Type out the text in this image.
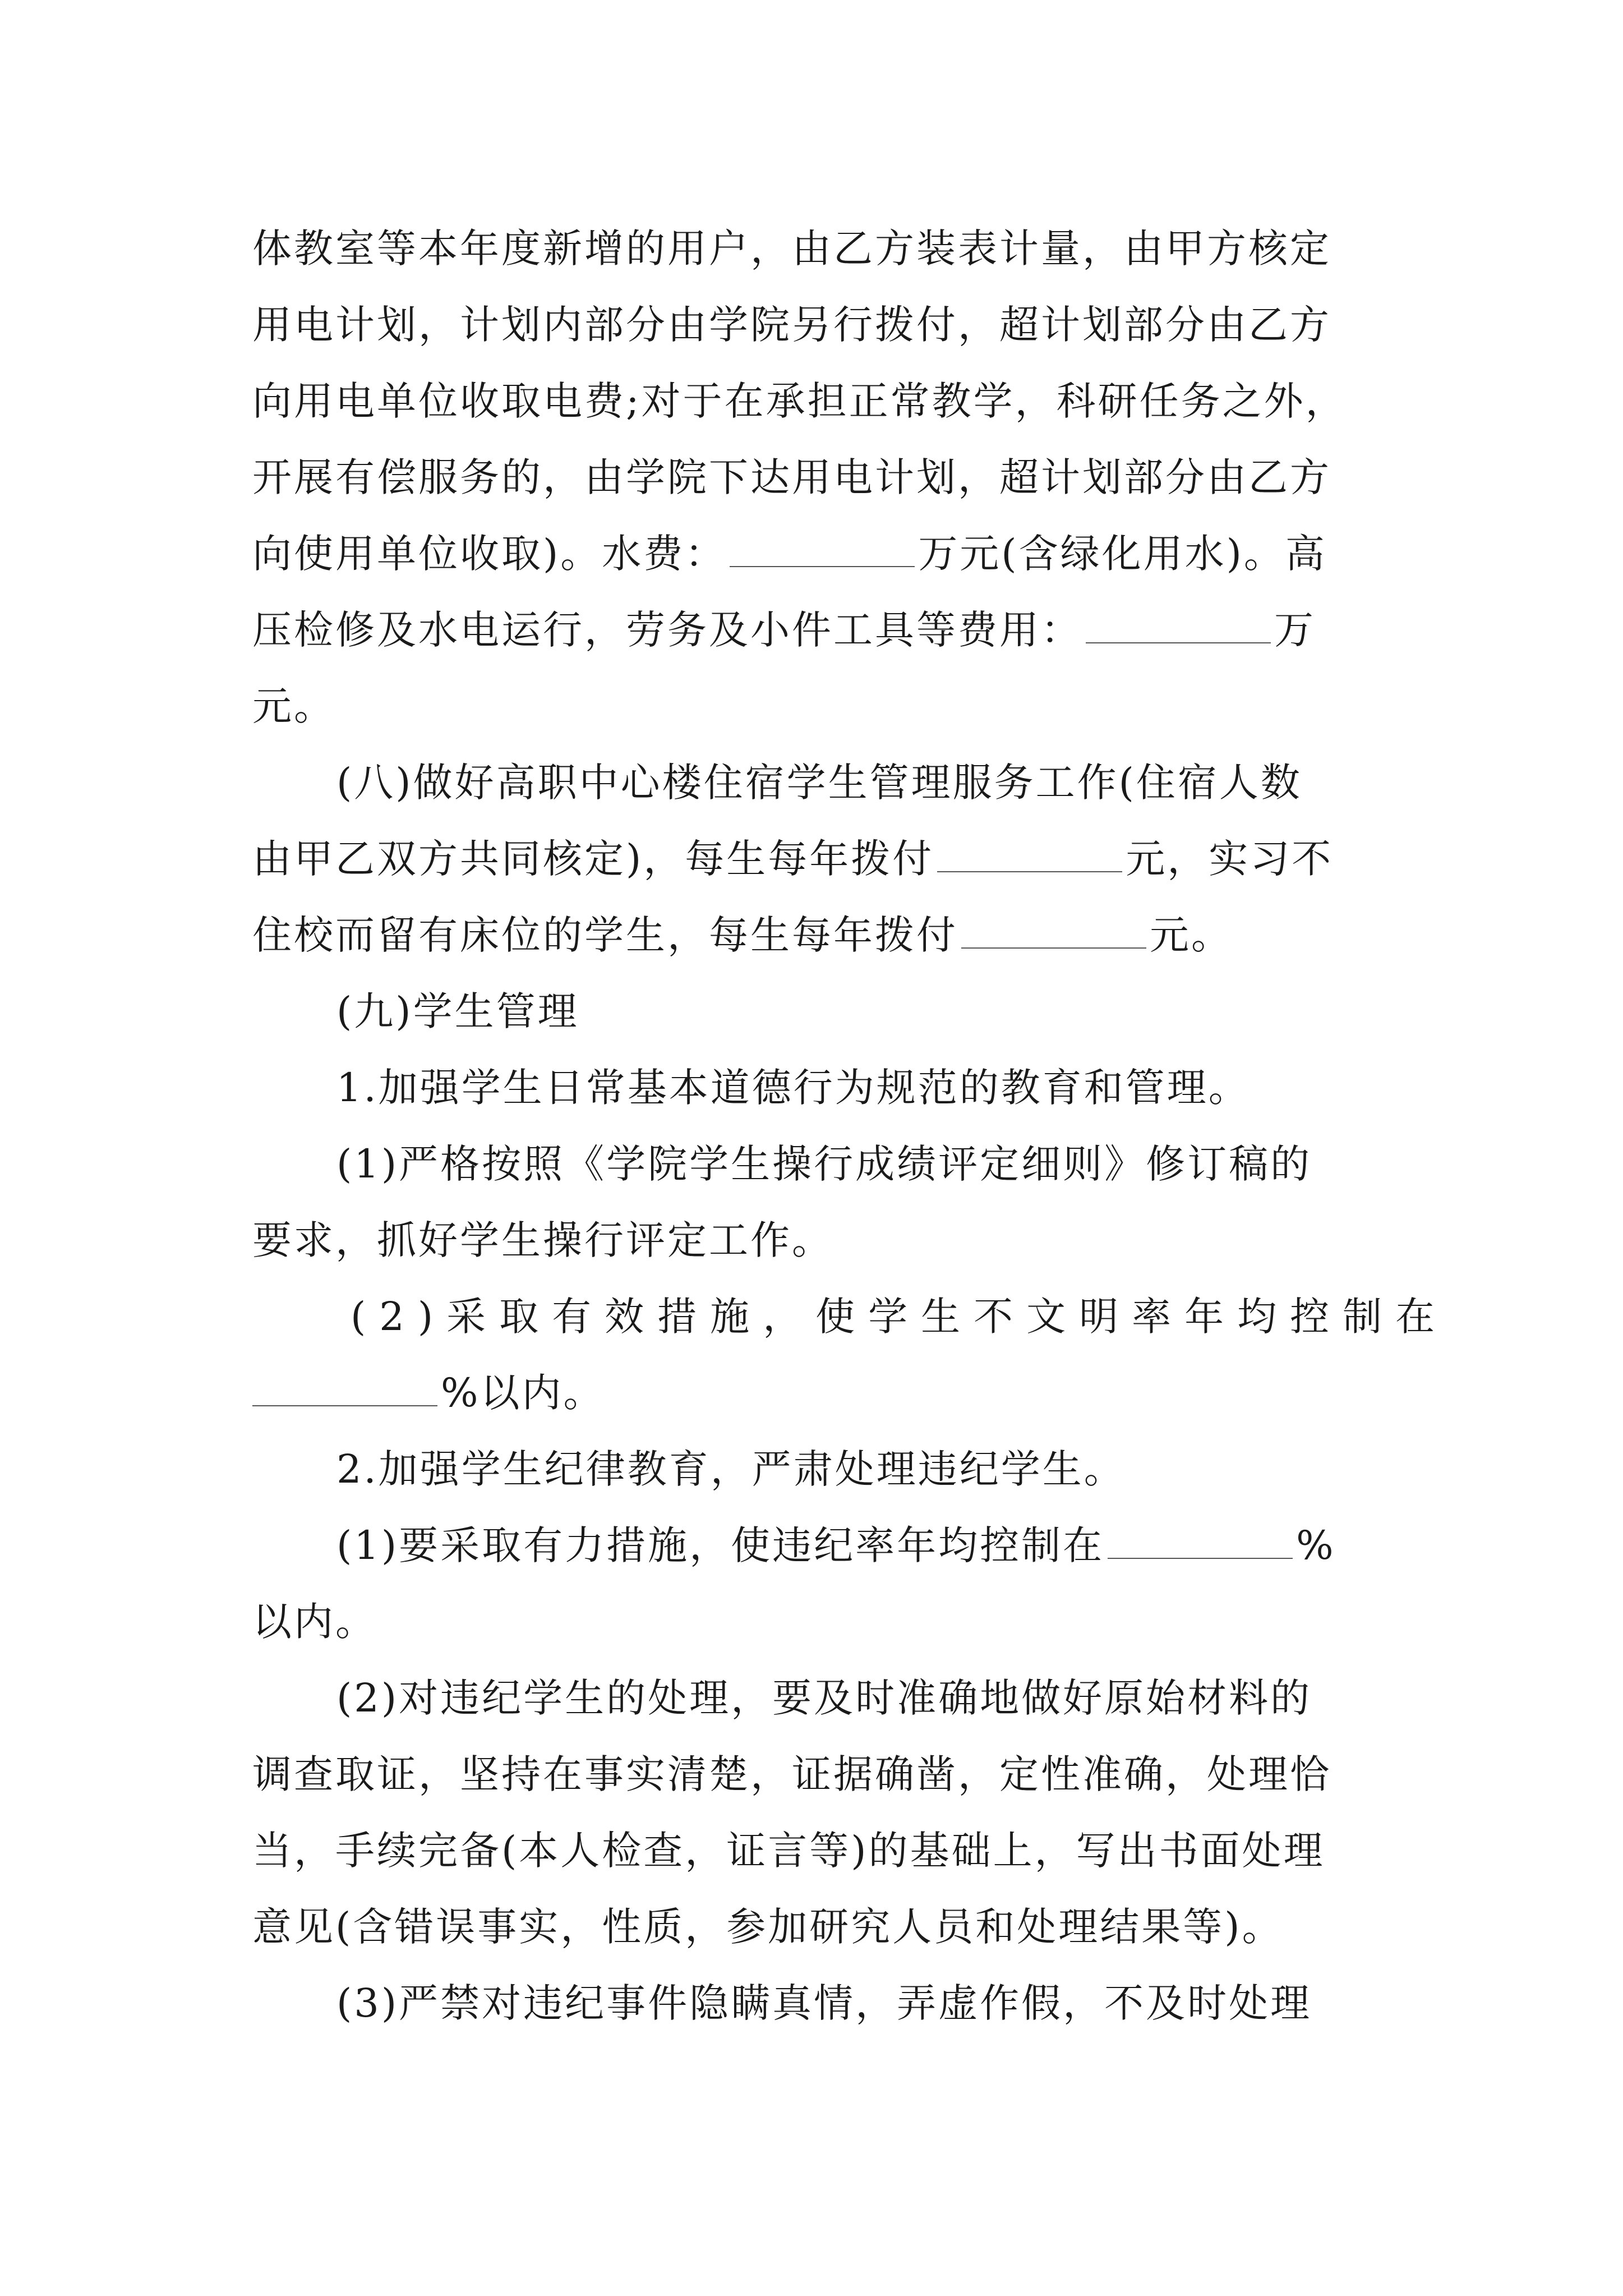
体教室等本年度新增的用户，由乙方装表计量，由甲方核定
用电计划，计划内部分由学院另行拨付，超计划部分由乙方
向用电单位收取电费;对于在承担正常教学，科研任务之外，
开展有偿服务的，由学院下达用电计划，超计划部分由乙方
向使用单位收取)。水费：	万元(含绿化用水)。高
压检修及水电运行，劳务及小件工具等费用：	万
元。
(八)做好高职中心楼住宿学生管理服务工作(住宿人数
由甲乙双方共同核定)，每生每年拨付	元，实习不
住校而留有床位的学生，每生每年拨付	元。
(九)学生管理
1.加强学生日常基本道德行为规范的教育和管理。
(1)严格按照《学院学生操行成绩评定细则》修订稿的
要求，抓好学生操行评定工作。
(2)采取有效措施，使学生不文明率年均控制在
%以内。
2.加强学生纪律教育，严肃处理违纪学生。
(1)要采取有力措施，使违纪率年均控制在	%
以内。
(2)对违纪学生的处理，要及时准确地做好原始材料的
调查取证，坚持在事实清楚，证据确凿，定性准确，处理恰
当，手续完备(本人检查，证言等)的基础上，写出书面处理
意见(含错误事实，性质，参加研究人员和处理结果等)。
(3)严禁对违纪事件隐瞒真情，弄虚作假，不及时处理
